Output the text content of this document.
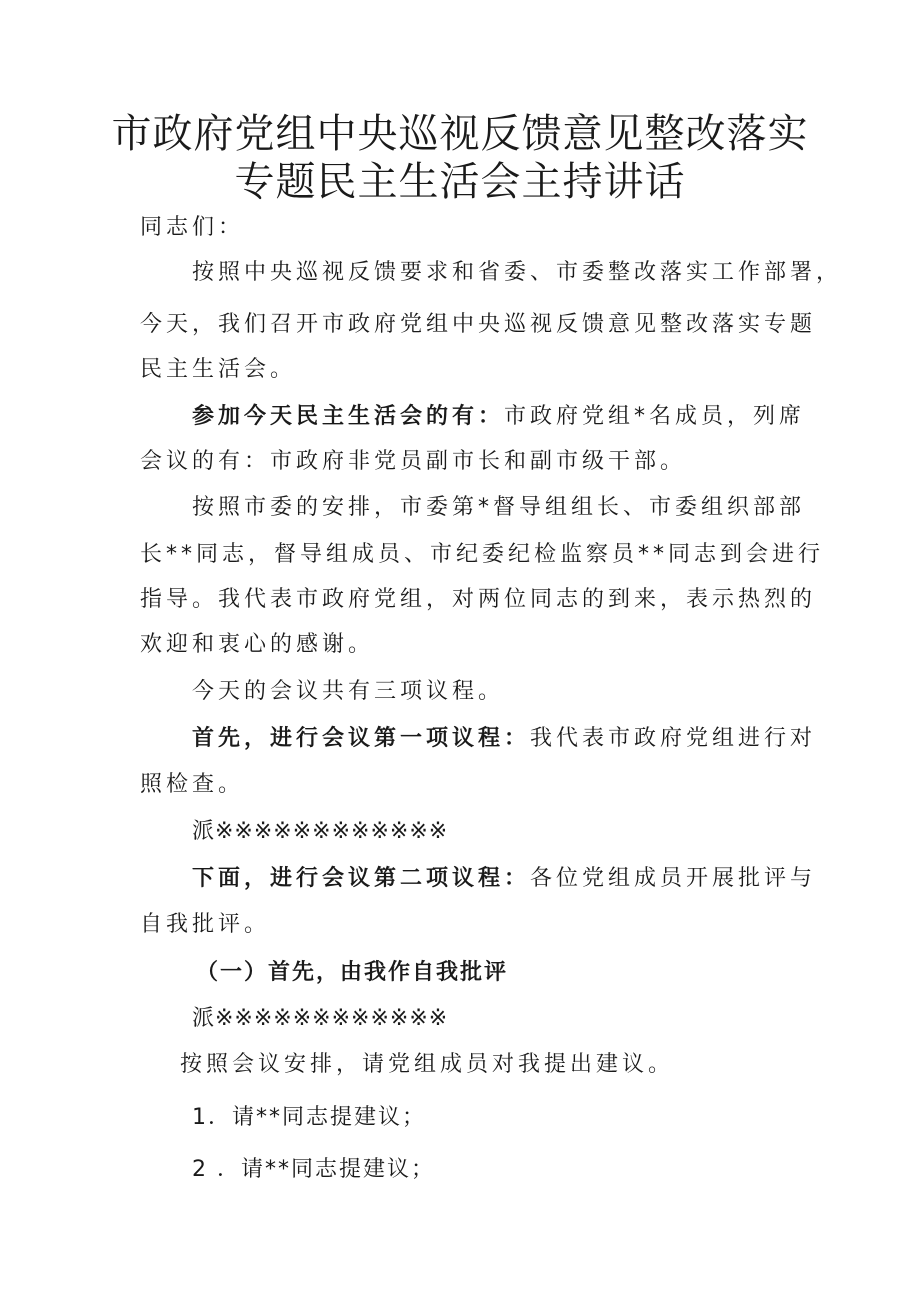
市政府党组中央巡视反馈意见整改落实
专题民主生活会主持讲话
同志们：
按照中央巡视反馈要求和省委、市委整改落实工作部署，
今天，我们召开市政府党组中央巡视反馈意见整改落实专题
民主生活会。
参加今天民主生活会的有：市政府党组*名成员，列席
会议的有：市政府非党员副市长和副市级干部。
按照市委的安排，市委第*督导组组长、市委组织部部
长**同志，督导组成员、市纪委纪检监察员**同志到会进行
指导。我代表市政府党组，对两位同志的到来，表示热烈的
欢迎和衷心的感谢。
今天的会议共有三项议程。
首先，进行会议第一项议程：我代表市政府党组进行对
照检查。
派※※※※※※※※※※※※
下面，进行会议第二项议程：各位党组成员开展批评与
自我批评。
（一）首先，由我作自我批评
派※※※※※※※※※※※※
按照会议安排，请党组成员对我提出建议。
1．请**同志提建议；
2 ．请**同志提建议；
